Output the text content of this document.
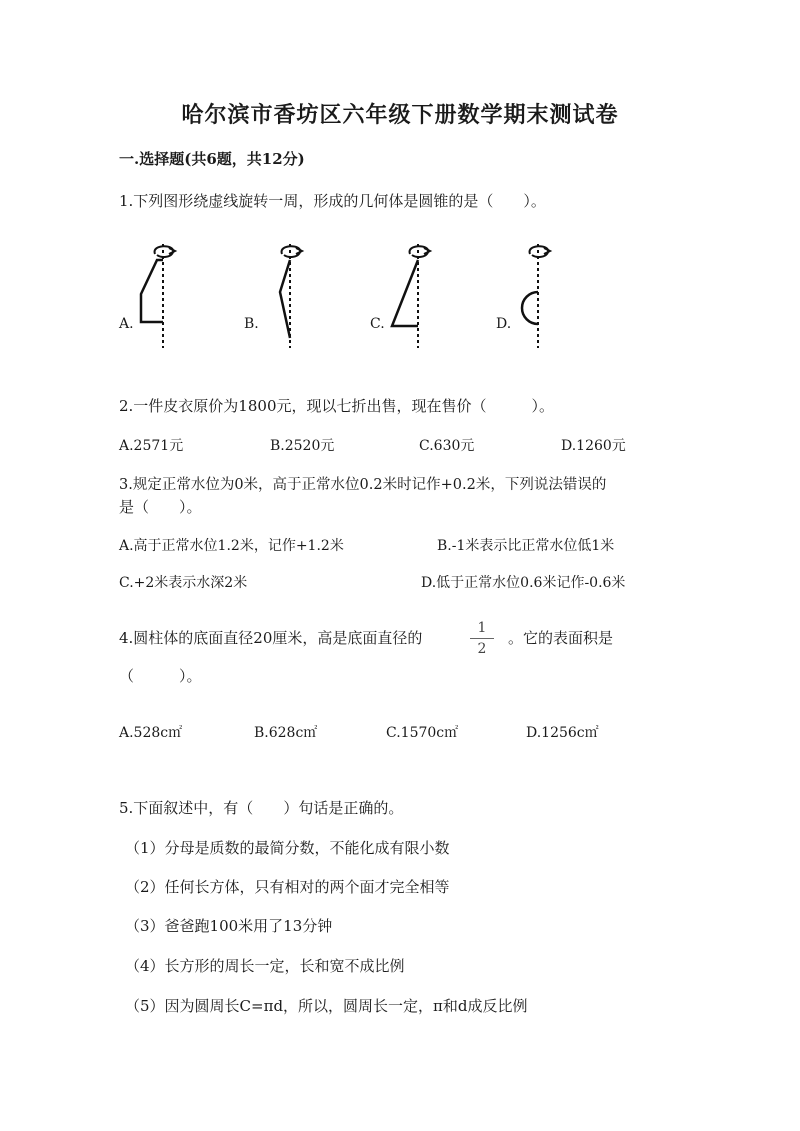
哈尔滨市香坊区六年级下册数学期末测试卷
一.选择题(共6题，共12分)
1.下列图形绕虚线旋转一周，形成的几何体是圆锥的是（　　）。
A.	B.	C.	D.
2.一件皮衣原价为1800元，现以七折出售，现在售价（　　　）。
A.2571元	B.2520元	C.630元	D.1260元
3.规定正常水位为0米，高于正常水位0.2米时记作+0.2米，下列说法错误的
是（　　）。
A.高于正常水位1.2米，记作+1.2米	B.-1米表示比正常水位低1米
C.+2米表示水深2米	D.低于正常水位0.6米记作-0.6米
4.圆柱体的底面直径20厘米，高是底面直径的	$\frac{1}{2}$ 。它的表面积是
（　　　）。
A.528c㎡	B.628c㎡	C.1570c㎡	D.1256c㎡
5.下面叙述中，有（　　）句话是正确的。
（1）分母是质数的最简分数，不能化成有限小数
（2）任何长方体，只有相对的两个面才完全相等
（3）爸爸跑100米用了13分钟
（4）长方形的周长一定，长和宽不成比例
（5）因为圆周长C=πd，所以，圆周长一定，π和d成反比例
